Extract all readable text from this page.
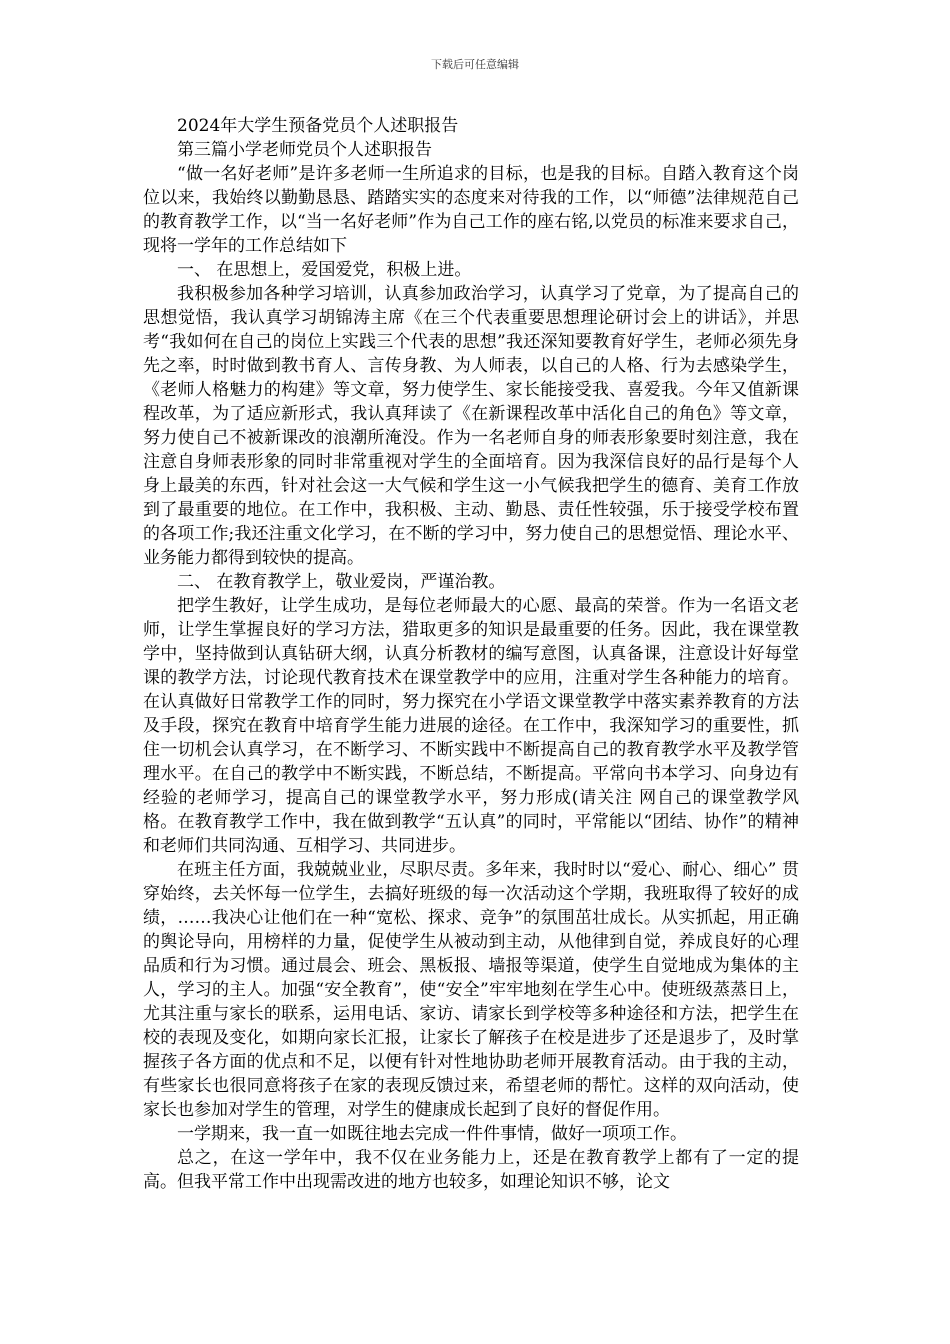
下载后可任意编辑

2024年大学生预备党员个人述职报告

第三篇小学老师党员个人述职报告

“做一名好老师”是许多老师一生所追求的目标，也是我的目标。自踏入教育这个岗位以来，我始终以勤勤恳恳、踏踏实实的态度来对待我的工作，以“师德”法律规范自己的教育教学工作，以“当一名好老师”作为自己工作的座右铭,以党员的标准来要求自己，现将一学年的工作总结如下

一、 在思想上，爱国爱党，积极上进。

我积极参加各种学习培训，认真参加政治学习，认真学习了党章，为了提高自己的思想觉悟，我认真学习胡锦涛主席《在三个代表重要思想理论研讨会上的讲话》，并思考“我如何在自己的岗位上实践三个代表的思想”我还深知要教育好学生，老师必须先身先之率，时时做到教书育人、言传身教、为人师表，以自己的人格、行为去感染学生，《老师人格魅力的构建》等文章，努力使学生、家长能接受我、喜爱我。今年又值新课程改革，为了适应新形式，我认真拜读了《在新课程改革中活化自己的角色》等文章，努力使自己不被新课改的浪潮所淹没。作为一名老师自身的师表形象要时刻注意，我在注意自身师表形象的同时非常重视对学生的全面培育。因为我深信良好的品行是每个人身上最美的东西，针对社会这一大气候和学生这一小气候我把学生的德育、美育工作放到了最重要的地位。在工作中，我积极、主动、勤恳、责任性较强，乐于接受学校布置的各项工作;我还注重文化学习，在不断的学习中，努力使自己的思想觉悟、理论水平、业务能力都得到较快的提高。

二、 在教育教学上，敬业爱岗，严谨治教。

把学生教好，让学生成功，是每位老师最大的心愿、最高的荣誉。作为一名语文老师，让学生掌握良好的学习方法，猎取更多的知识是最重要的任务。因此，我在课堂教学中，坚持做到认真钻研大纲，认真分析教材的编写意图，认真备课，注意设计好每堂课的教学方法，讨论现代教育技术在课堂教学中的应用，注重对学生各种能力的培育。在认真做好日常教学工作的同时，努力探究在小学语文课堂教学中落实素养教育的方法及手段，探究在教育中培育学生能力进展的途径。在工作中，我深知学习的重要性，抓住一切机会认真学习，在不断学习、不断实践中不断提高自己的教育教学水平及教学管理水平。在自己的教学中不断实践，不断总结，不断提高。平常向书本学习、向身边有经验的老师学习，提高自己的课堂教学水平，努力形成(请关注 网自己的课堂教学风格。在教育教学工作中，我在做到教学“五认真”的同时，平常能以“团结、协作”的精神和老师们共同沟通、互相学习、共同进步。

在班主任方面，我兢兢业业，尽职尽责。多年来，我时时以“爱心、耐心、细心” 贯穿始终，去关怀每一位学生，去搞好班级的每一次活动这个学期，我班取得了较好的成绩，……我决心让他们在一种“宽松、探求、竞争”的氛围茁壮成长。从实抓起，用正确的舆论导向，用榜样的力量，促使学生从被动到主动，从他律到自觉，养成良好的心理品质和行为习惯。通过晨会、班会、黑板报、墙报等渠道，使学生自觉地成为集体的主人，学习的主人。加强“安全教育”，使“安全”牢牢地刻在学生心中。使班级蒸蒸日上，尤其注重与家长的联系，运用电话、家访、请家长到学校等多种途径和方法，把学生在校的表现及变化，如期向家长汇报，让家长了解孩子在校是进步了还是退步了，及时掌握孩子各方面的优点和不足，以便有针对性地协助老师开展教育活动。由于我的主动，有些家长也很同意将孩子在家的表现反馈过来，希望老师的帮忙。这样的双向活动，使家长也参加对学生的管理，对学生的健康成长起到了良好的督促作用。

一学期来，我一直一如既往地去完成一件件事情，做好一项项工作。

总之，在这一学年中，我不仅在业务能力上，还是在教育教学上都有了一定的提高。但我平常工作中出现需改进的地方也较多，如理论知识不够，论文
